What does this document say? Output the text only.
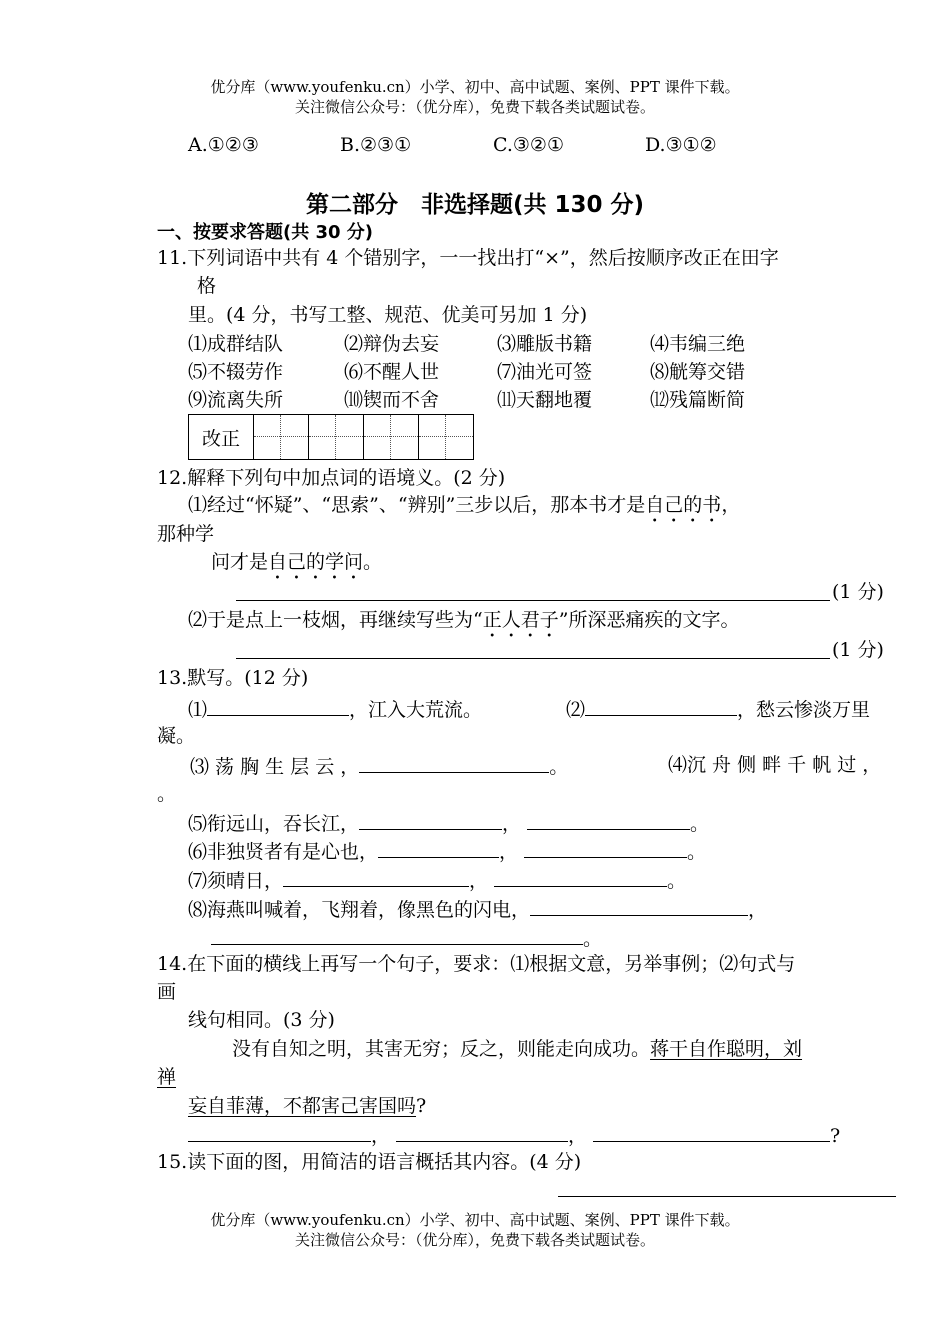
优分库（www.youfenku.cn）小学、初中、高中试题、案例、PPT 课件下载。
关注微信公众号：（优分库），免费下载各类试题试卷。
A.①②③	B.②③①	C.③②①	D.③①②
第二部分　非选择题(共 130 分)
一、按要求答题(共 30 分)
11.下列词语中共有 4 个错别字，一一找出打“×”，然后按顺序改正在田字
格
里。(4 分，书写工整、规范、优美可另加 1 分)
⑴成群结队	⑵辩伪去妄	⑶雕版书籍	⑷韦编三绝
⑸不辍劳作	⑹不醒人世	⑺油光可签	⑻觥筹交错
⑼流离失所	⑽锲而不舍	⑾天翻地覆	⑿残篇断简
改正				
12.解释下列句中加点词的语境义。(2 分)
⑴经过“怀疑”、“思索”、“辨别”三步以后，那本书才是自己的书，
那种学
问才是自己的学问。
(1 分)
⑵于是点上一枝烟，再继续写些为“正人君子”所深恶痛疾的文字。
(1 分)
13.默写。(12 分)
⑴	，江入大荒流。	⑵	，愁云惨淡万里
凝。
⑶ 荡 胸 生 层 云 ，	。	⑷沉 舟 侧 畔 千 帆 过 ，
。
⑸衔远山，吞长江，	，	。
⑹非独贤者有是心也，	，	。
⑺须晴日，	，	。
⑻海燕叫喊着，飞翔着，像黑色的闪电，	，
。
14.在下面的横线上再写一个句子，要求：⑴根据文意，另举事例；⑵句式与
画
线句相同。(3 分)
没有自知之明，其害无穷；反之，则能走向成功。蒋干自作聪明，刘
禅
妄自菲薄，不都害己害国吗?
，	，	?
15.读下面的图，用简洁的语言概括其内容。(4 分)
优分库（www.youfenku.cn）小学、初中、高中试题、案例、PPT 课件下载。
关注微信公众号：（优分库），免费下载各类试题试卷。
